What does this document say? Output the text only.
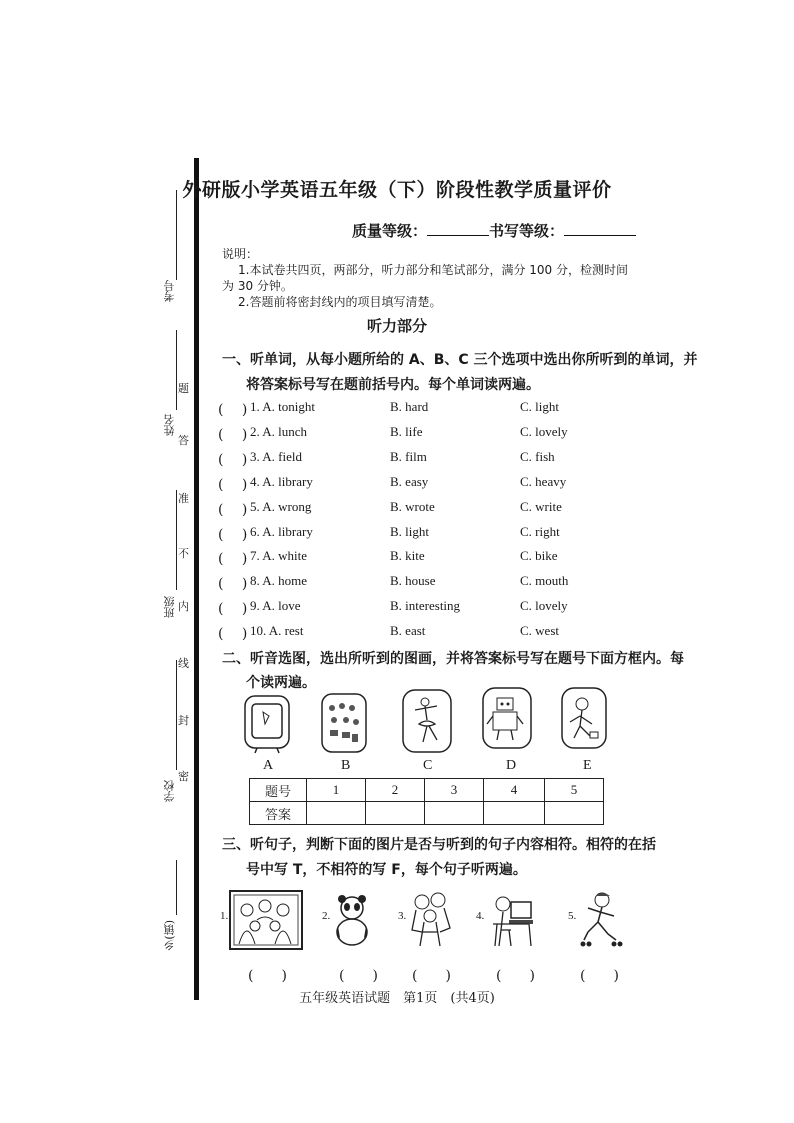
考号
姓名
班级
学校
乡(镇)
题
答
准
不
内
线
封
密
外研版小学英语五年级（下）阶段性教学质量评价
质量等级：	书写等级：
说明：
1.本试卷共四页，两部分，听力部分和笔试部分，满分 100 分，检测时间
为 30 分钟。
2.答题前将密封线内的项目填写清楚。
听力部分
一、听单词，从每小题所给的 A、B、C 三个选项中选出你所听到的单词，并
将答案标号写在题前括号内。每个单词读两遍。
(　 ) 1. A. tonight	B. hard	C. light
(　 ) 2. A. lunch	B. life	C. lovely
(　 ) 3. A. field	B. film	C. fish
(　 ) 4. A. library	B. easy	C. heavy
(　 ) 5. A. wrong	B. wrote	C. write
(　 ) 6. A. library	B. light	C. right
(　 ) 7. A. white	B. kite	C. bike
(　 ) 8. A. home	B. house	C. mouth
(　 ) 9. A. love	B. interesting	C. lovely
(　 ) 10. A. rest	B. east	C. west
二、听音选图，选出所听到的图画，并将答案标号写在题号下面方框内。每
个读两遍。
A	B	C	D	E
题号	1	2	3	4	5
答案					
三、听句子，判断下面的图片是否与听到的句子内容相符。相符的在括
号中写 T，不相符的写 F，每个句子听两遍。
1.	2.	3.	4.	5.
(　　)	(　　) (　　)	(　　)	(　　)
五年级英语试题　第1页　(共4页)
